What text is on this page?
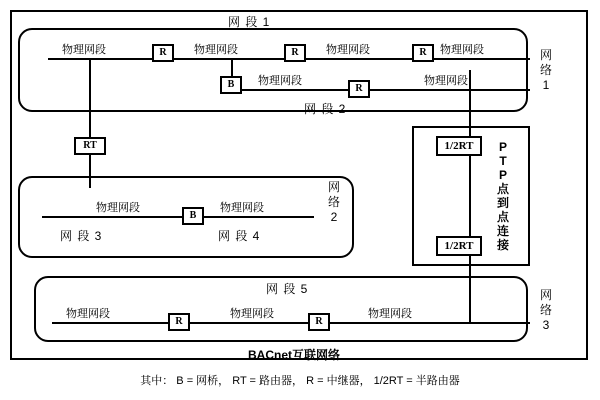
网 段 1
物理网段	物理网段	物理网段	物理网段
R	R	R
B 物理网段	物理网段
R
网 段 2
网
络
1
RT
物理网段	物理网段
B
网 段 3	网 段 4
网
络
2
1/2RT
1/2RT
P
T
P
点
到
点
连
接
网 段 5
物理网段	物理网段	物理网段
R	R
网
络
3
BACnet互联网络
其中： B = 网桥， RT = 路由器， R = 中继器， 1/2RT = 半路由器
